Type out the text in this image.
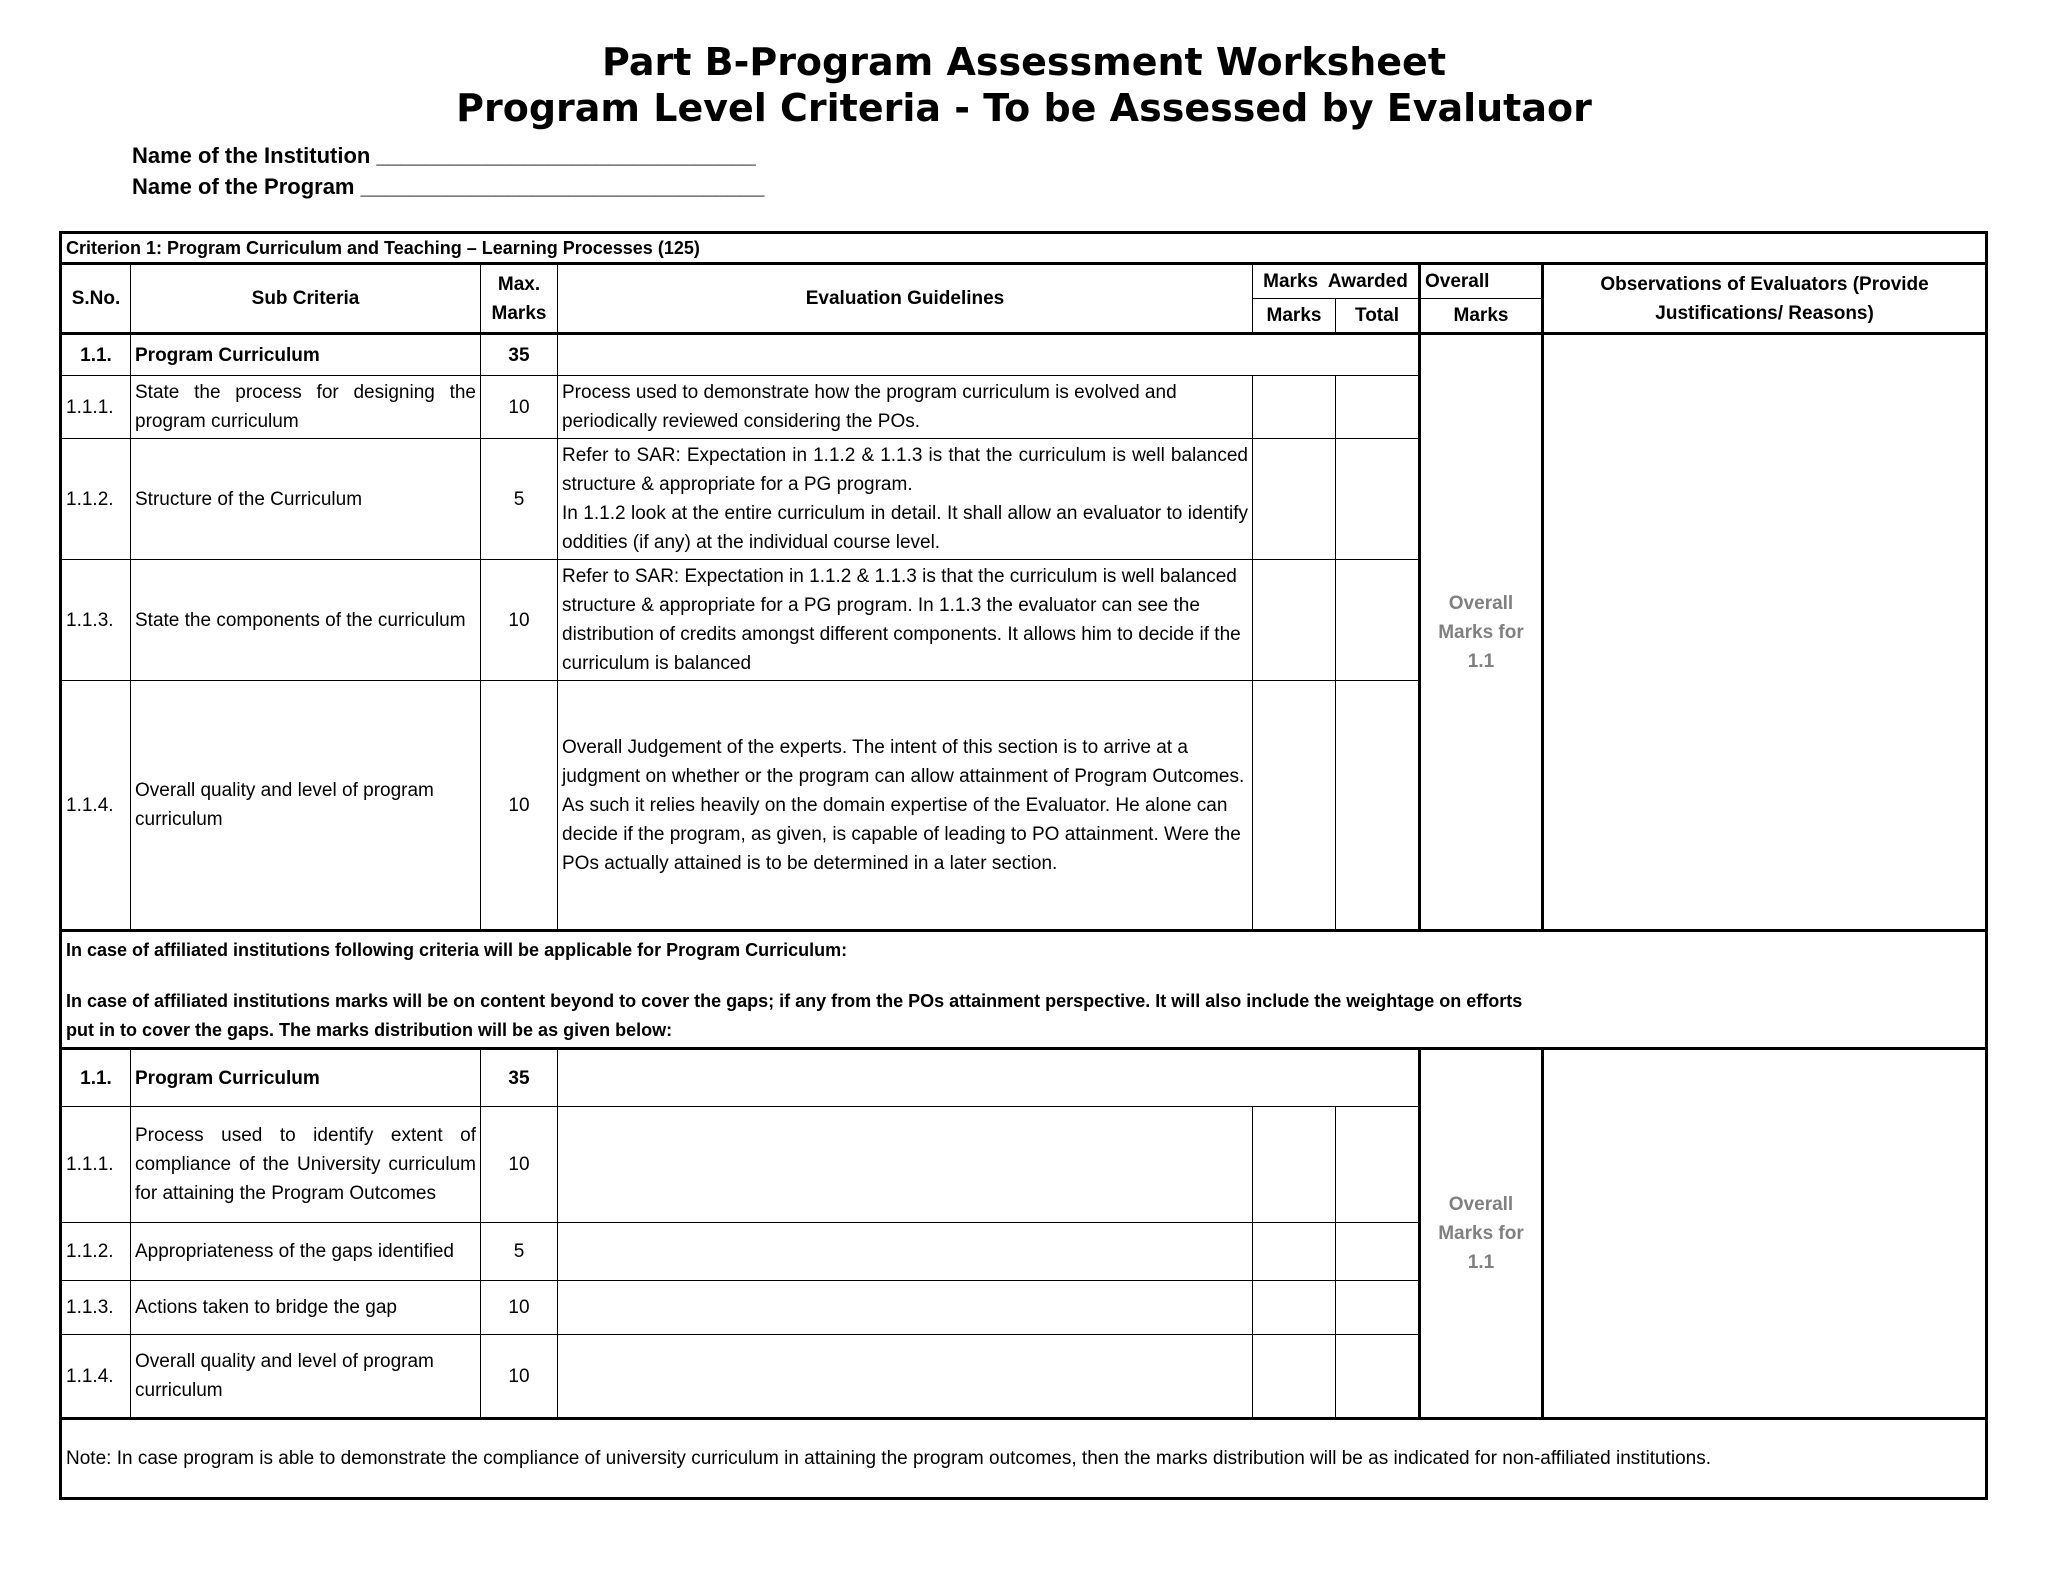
Part B-Program Assessment Worksheet
Program Level Criteria - To be Assessed by Evalutaor
Name of the Institution _______________________________
Name of the Program _________________________________
Criterion 1: Program Curriculum and Teaching – Learning Processes (125)							
S.No.	Sub Criteria	Max. Marks	Evaluation Guidelines	Marks  Awarded		Overall	Observations of Evaluators (Provide Justifications/ Reasons)
				Marks	Total	Marks	
1.1.	Program Curriculum	35				Overall Marks for 1.1	
1.1.1.	State the process for designing the program curriculum	10	Process used to demonstrate how the program curriculum is evolved and periodically reviewed considering the POs.				
1.1.2.	Structure of the Curriculum	5	Refer to SAR: Expectation in 1.1.2 & 1.1.3 is that the curriculum is well balanced structure & appropriate for a PG program.
In 1.1.2 look at the entire curriculum in detail. It shall allow an evaluator to identify oddities (if any) at the individual course level.				

1.1.3.	State the components of the curriculum	10	Refer to SAR: Expectation in 1.1.2 & 1.1.3 is that the curriculum is well balanced structure & appropriate for a PG program. In 1.1.3 the evaluator can see the distribution of credits amongst different components. It allows him to decide if the curriculum is balanced				
1.1.4.	Overall quality and level of program curriculum	10	Overall Judgement of the experts. The intent of this section is to arrive at a judgment on whether or the program can allow attainment of Program Outcomes. As such it relies heavily on the domain expertise of the Evaluator. He alone can decide if the program, as given, is capable of leading to PO attainment. Were the POs actually attained is to be determined in a later section.				

In case of affiliated institutions following criteria will be applicable for Program Curriculum:
In case of affiliated institutions marks will be on content beyond to cover the gaps; if any from the POs attainment perspective. It will also include the weightage on efforts put in to cover the gaps. The marks distribution will be as given below:							

1.1.	Program Curriculum	35				Overall Marks for 1.1	
1.1.1.	Process used to identify extent of compliance of the University curriculum for attaining the Program Outcomes	10					
1.1.2.	Appropriateness of the gaps identified	5					
1.1.3.	Actions taken to bridge the gap	10					
1.1.4.	Overall quality and level of program curriculum	10					
Note: In case program is able to demonstrate the compliance of university curriculum in attaining the program outcomes, then the marks distribution will be as indicated for non-affiliated institutions.							
